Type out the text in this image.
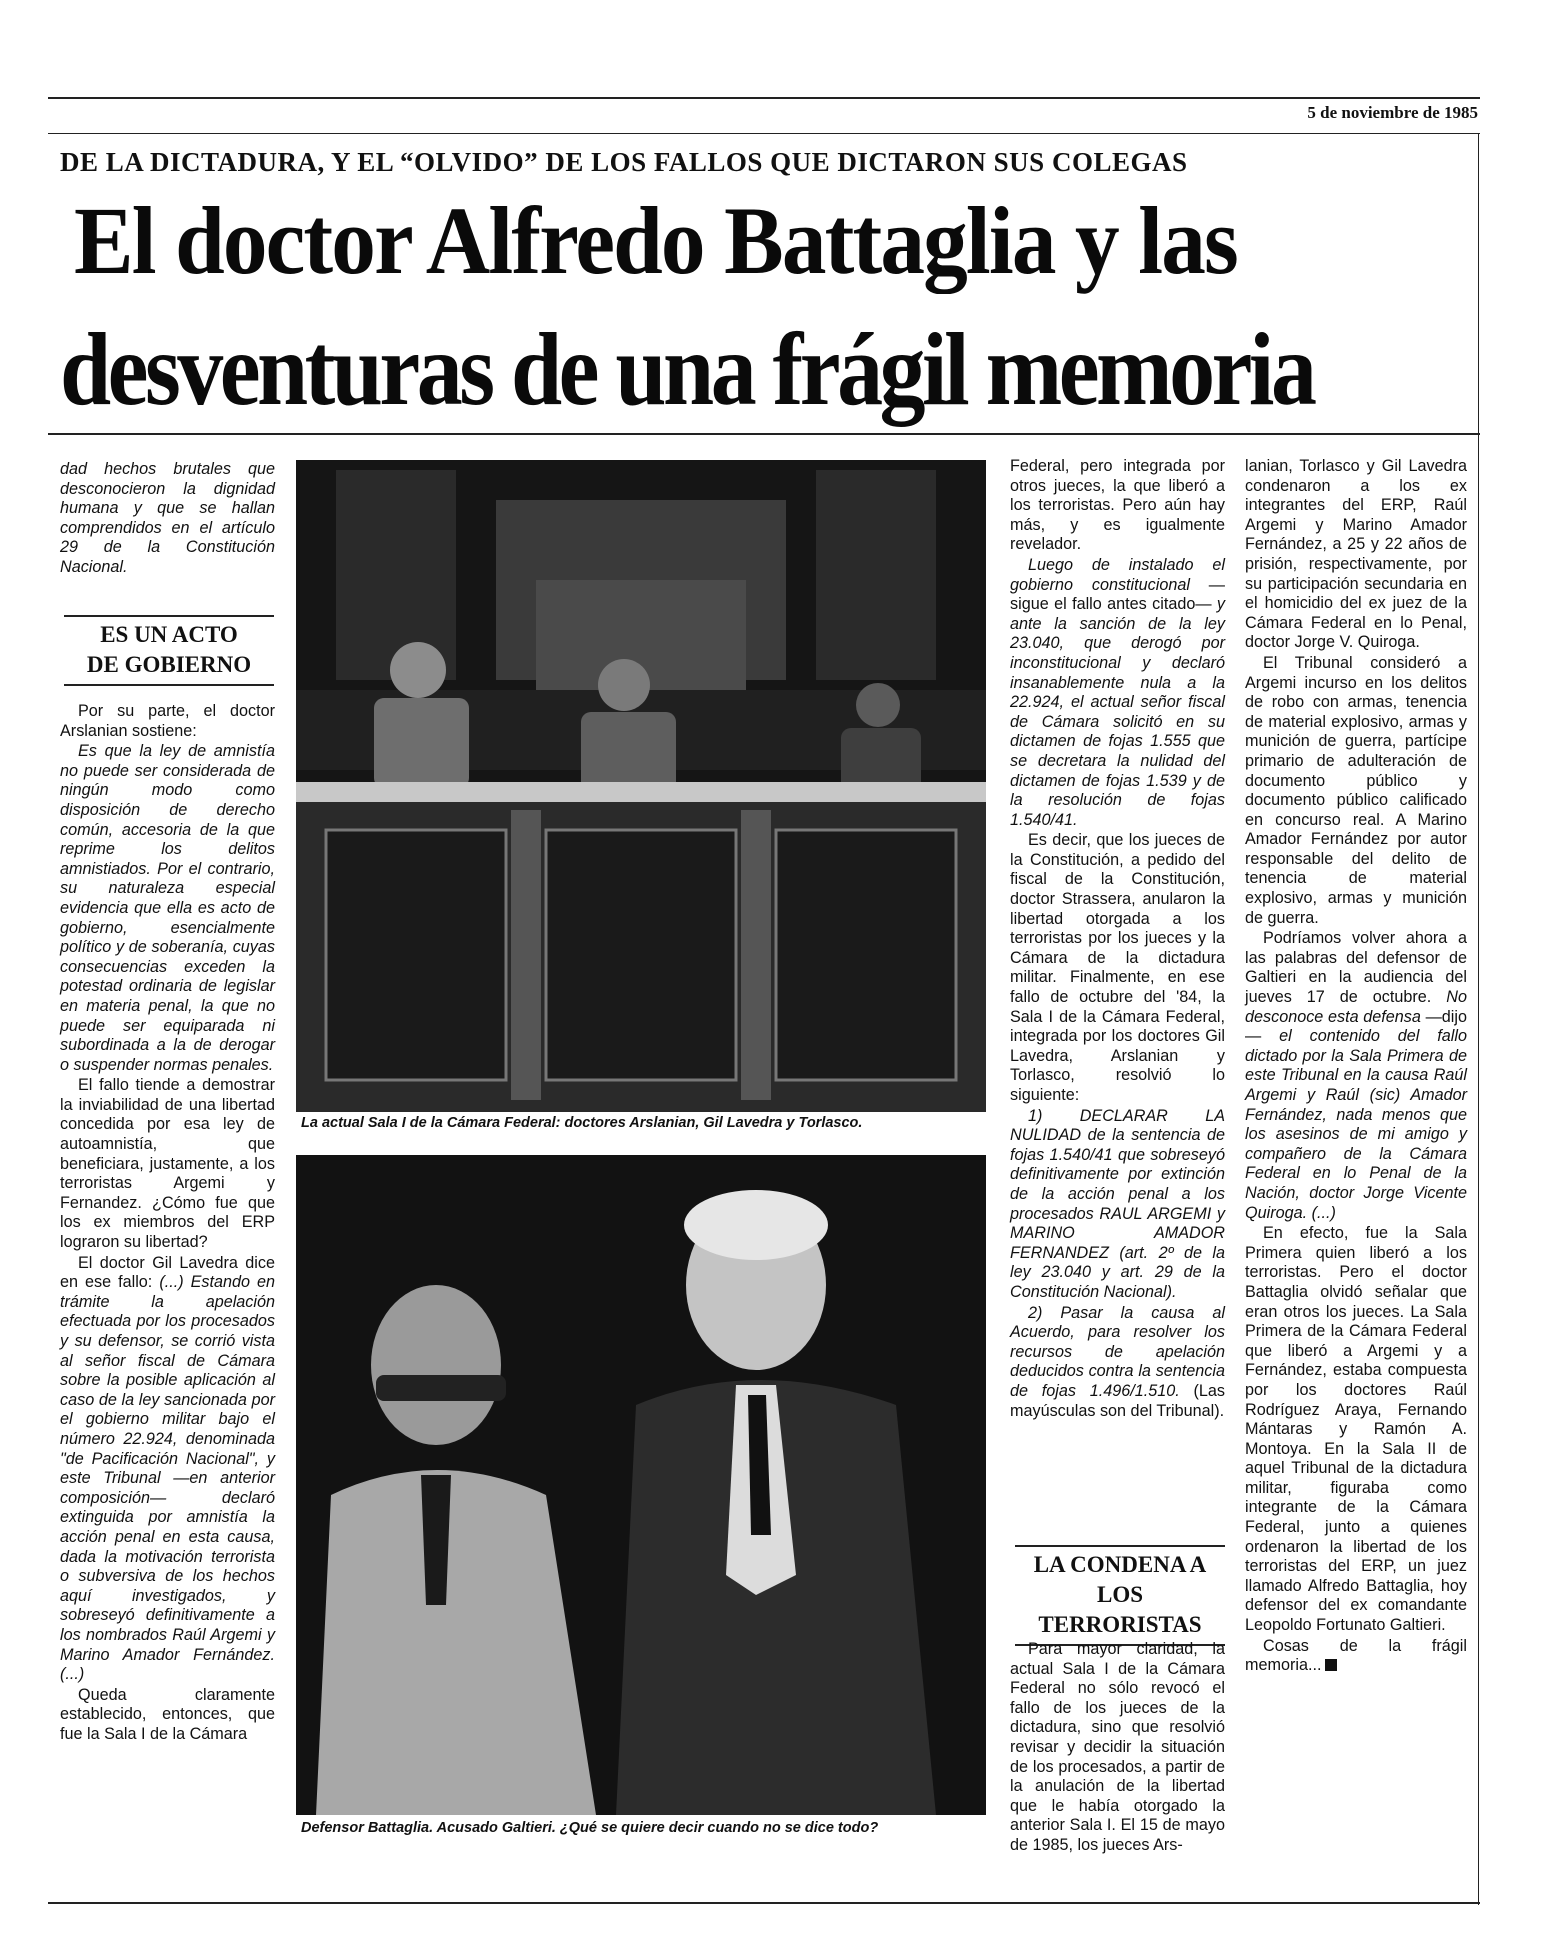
5 de noviembre de 1985
DE LA DICTADURA, Y EL “OLVIDO” DE LOS FALLOS QUE DICTARON SUS COLEGAS
El doctor Alfredo Battaglia y las
desventuras de una frágil memoria

dad hechos brutales que desconocieron la dignidad humana y que se hallan comprendidos en el artículo 29 de la Constitución Nacional.

ES UN ACTO
DE GOBIERNO

Por su parte, el doctor Arslanian sostiene:

Es que la ley de amnistía no puede ser considerada de ningún modo como disposición de derecho común, accesoria de la que reprime los delitos amnistiados. Por el contrario, su naturaleza especial evidencia que ella es acto de gobierno, esencialmente político y de soberanía, cuyas consecuencias exceden la potestad ordinaria de legislar en materia penal, la que no puede ser equiparada ni subordinada a la de derogar o suspender normas penales.

El fallo tiende a demostrar la inviabilidad de una libertad concedida por esa ley de autoamnistía, que beneficiara, justamente, a los terroristas Argemi y Fernandez. ¿Cómo fue que los ex miembros del ERP lograron su libertad?

El doctor Gil Lavedra dice en ese fallo: (...) Estando en trámite la apelación efectuada por los procesados y su defensor, se corrió vista al señor fiscal de Cámara sobre la posible aplicación al caso de la ley sancionada por el gobierno militar bajo el número 22.924, denominada "de Pacificación Nacional", y este Tribunal —en anterior composición— declaró extinguida por amnistía la acción penal en esta causa, dada la motivación terrorista o subversiva de los hechos aquí investigados, y sobreseyó definitivamente a los nombrados Raúl Argemi y Marino Amador Fernández. (...)

Queda claramente establecido, entonces, que fue la Sala I de la Cámara

La actual Sala I de la Cámara Federal: doctores Arslanian, Gil Lavedra y Torlasco.
Defensor Battaglia. Acusado Galtieri. ¿Qué se quiere decir cuando no se dice todo?

Federal, pero integrada por otros jueces, la que liberó a los terroristas. Pero aún hay más, y es igualmente revelador.

Luego de instalado el gobierno constitucional —sigue el fallo antes citado— y ante la sanción de la ley 23.040, que derogó por inconstitucional y declaró insanablemente nula a la 22.924, el actual señor fiscal de Cámara solicitó en su dictamen de fojas 1.555 que se decretara la nulidad del dictamen de fojas 1.539 y de la resolución de fojas 1.540/41.

Es decir, que los jueces de la Constitución, a pedido del fiscal de la Constitución, doctor Strassera, anularon la libertad otorgada a los terroristas por los jueces y la Cámara de la dictadura militar. Finalmente, en ese fallo de octubre del '84, la Sala I de la Cámara Federal, integrada por los doctores Gil Lavedra, Arslanian y Torlasco, resolvió lo siguiente:

1) DECLARAR LA NULIDAD de la sentencia de fojas 1.540/41 que sobreseyó definitivamente por extinción de la acción penal a los procesados RAUL ARGEMI y MARINO AMADOR FERNANDEZ (art. 2º de la ley 23.040 y art. 29 de la Constitución Nacional).

2) Pasar la causa al Acuerdo, para resolver los recursos de apelación deducidos contra la sentencia de fojas 1.496/1.510. (Las mayúsculas son del Tribunal).

LA CONDENA A
LOS TERRORISTAS

Para mayor claridad, la actual Sala I de la Cámara Federal no sólo revocó el fallo de los jueces de la dictadura, sino que resolvió revisar y decidir la situación de los procesados, a partir de la anulación de la libertad que le había otorgado la anterior Sala I. El 15 de mayo de 1985, los jueces Ars-

lanian, Torlasco y Gil Lavedra condenaron a los ex integrantes del ERP, Raúl Argemi y Marino Amador Fernández, a 25 y 22 años de prisión, respectivamente, por su participación secundaria en el homicidio del ex juez de la Cámara Federal en lo Penal, doctor Jorge V. Quiroga.

El Tribunal consideró a Argemi incurso en los delitos de robo con armas, tenencia de material explosivo, armas y munición de guerra, partícipe primario de adulteración de documento público y documento público calificado en concurso real. A Marino Amador Fernández por autor responsable del delito de tenencia de material explosivo, armas y munición de guerra.

Podríamos volver ahora a las palabras del defensor de Galtieri en la audiencia del jueves 17 de octubre. No desconoce esta defensa —dijo— el contenido del fallo dictado por la Sala Primera de este Tribunal en la causa Raúl Argemi y Raúl (sic) Amador Fernández, nada menos que los asesinos de mi amigo y compañero de la Cámara Federal en lo Penal de la Nación, doctor Jorge Vicente Quiroga. (...)

En efecto, fue la Sala Primera quien liberó a los terroristas. Pero el doctor Battaglia olvidó señalar que eran otros los jueces. La Sala Primera de la Cámara Federal que liberó a Argemi y a Fernández, estaba compuesta por los doctores Raúl Rodríguez Araya, Fernando Mántaras y Ramón A. Montoya. En la Sala II de aquel Tribunal de la dictadura militar, figuraba como integrante de la Cámara Federal, junto a quienes ordenaron la libertad de los terroristas del ERP, un juez llamado Alfredo Battaglia, hoy defensor del ex comandante Leopoldo Fortunato Galtieri.

Cosas de la frágil memoria...
